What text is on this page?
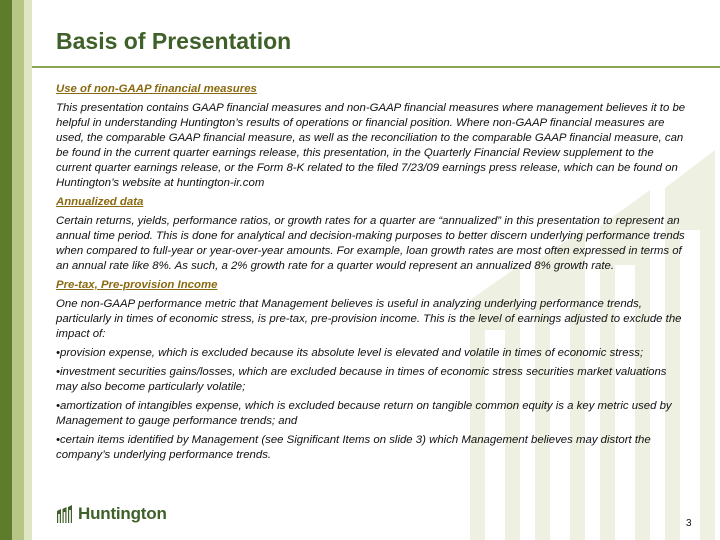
Basis of Presentation

Use of non-GAAP financial measures

This presentation contains GAAP financial measures and non-GAAP financial measures where management believes it to be helpful in understanding Huntington’s results of operations or financial position. Where non-GAAP financial measures are used, the comparable GAAP financial measure, as well as the reconciliation to the comparable GAAP financial measure, can be found in the current quarter earnings release, this presentation, in the Quarterly Financial Review supplement to the current quarter earnings release, or the Form 8-K related to the filed 7/23/09 earnings press release, which can be found on Huntington’s website at huntington-ir.com

Annualized data

Certain returns, yields, performance ratios, or growth rates for a quarter are “annualized” in this presentation to represent an annual time period. This is done for analytical and decision-making purposes to better discern underlying performance trends when compared to full-year or year-over-year amounts. For example, loan growth rates are most often expressed in terms of an annual rate like 8%. As such, a 2% growth rate for a quarter would represent an annualized 8% growth rate.

Pre-tax, Pre-provision Income

One non-GAAP performance metric that Management believes is useful in analyzing underlying performance trends, particularly in times of economic stress, is pre-tax, pre-provision income. This is the level of earnings adjusted to exclude the impact of:

•provision expense, which is excluded because its absolute level is elevated and volatile in times of economic stress;

•investment securities gains/losses, which are excluded because in times of economic stress securities market valuations may also become particularly volatile;

•amortization of intangibles expense, which is excluded because return on tangible common equity is a key metric used by Management to gauge performance trends; and

•certain items identified by Management (see Significant Items on slide 3) which Management believes may distort the company’s underlying performance trends.

Huntington
3
